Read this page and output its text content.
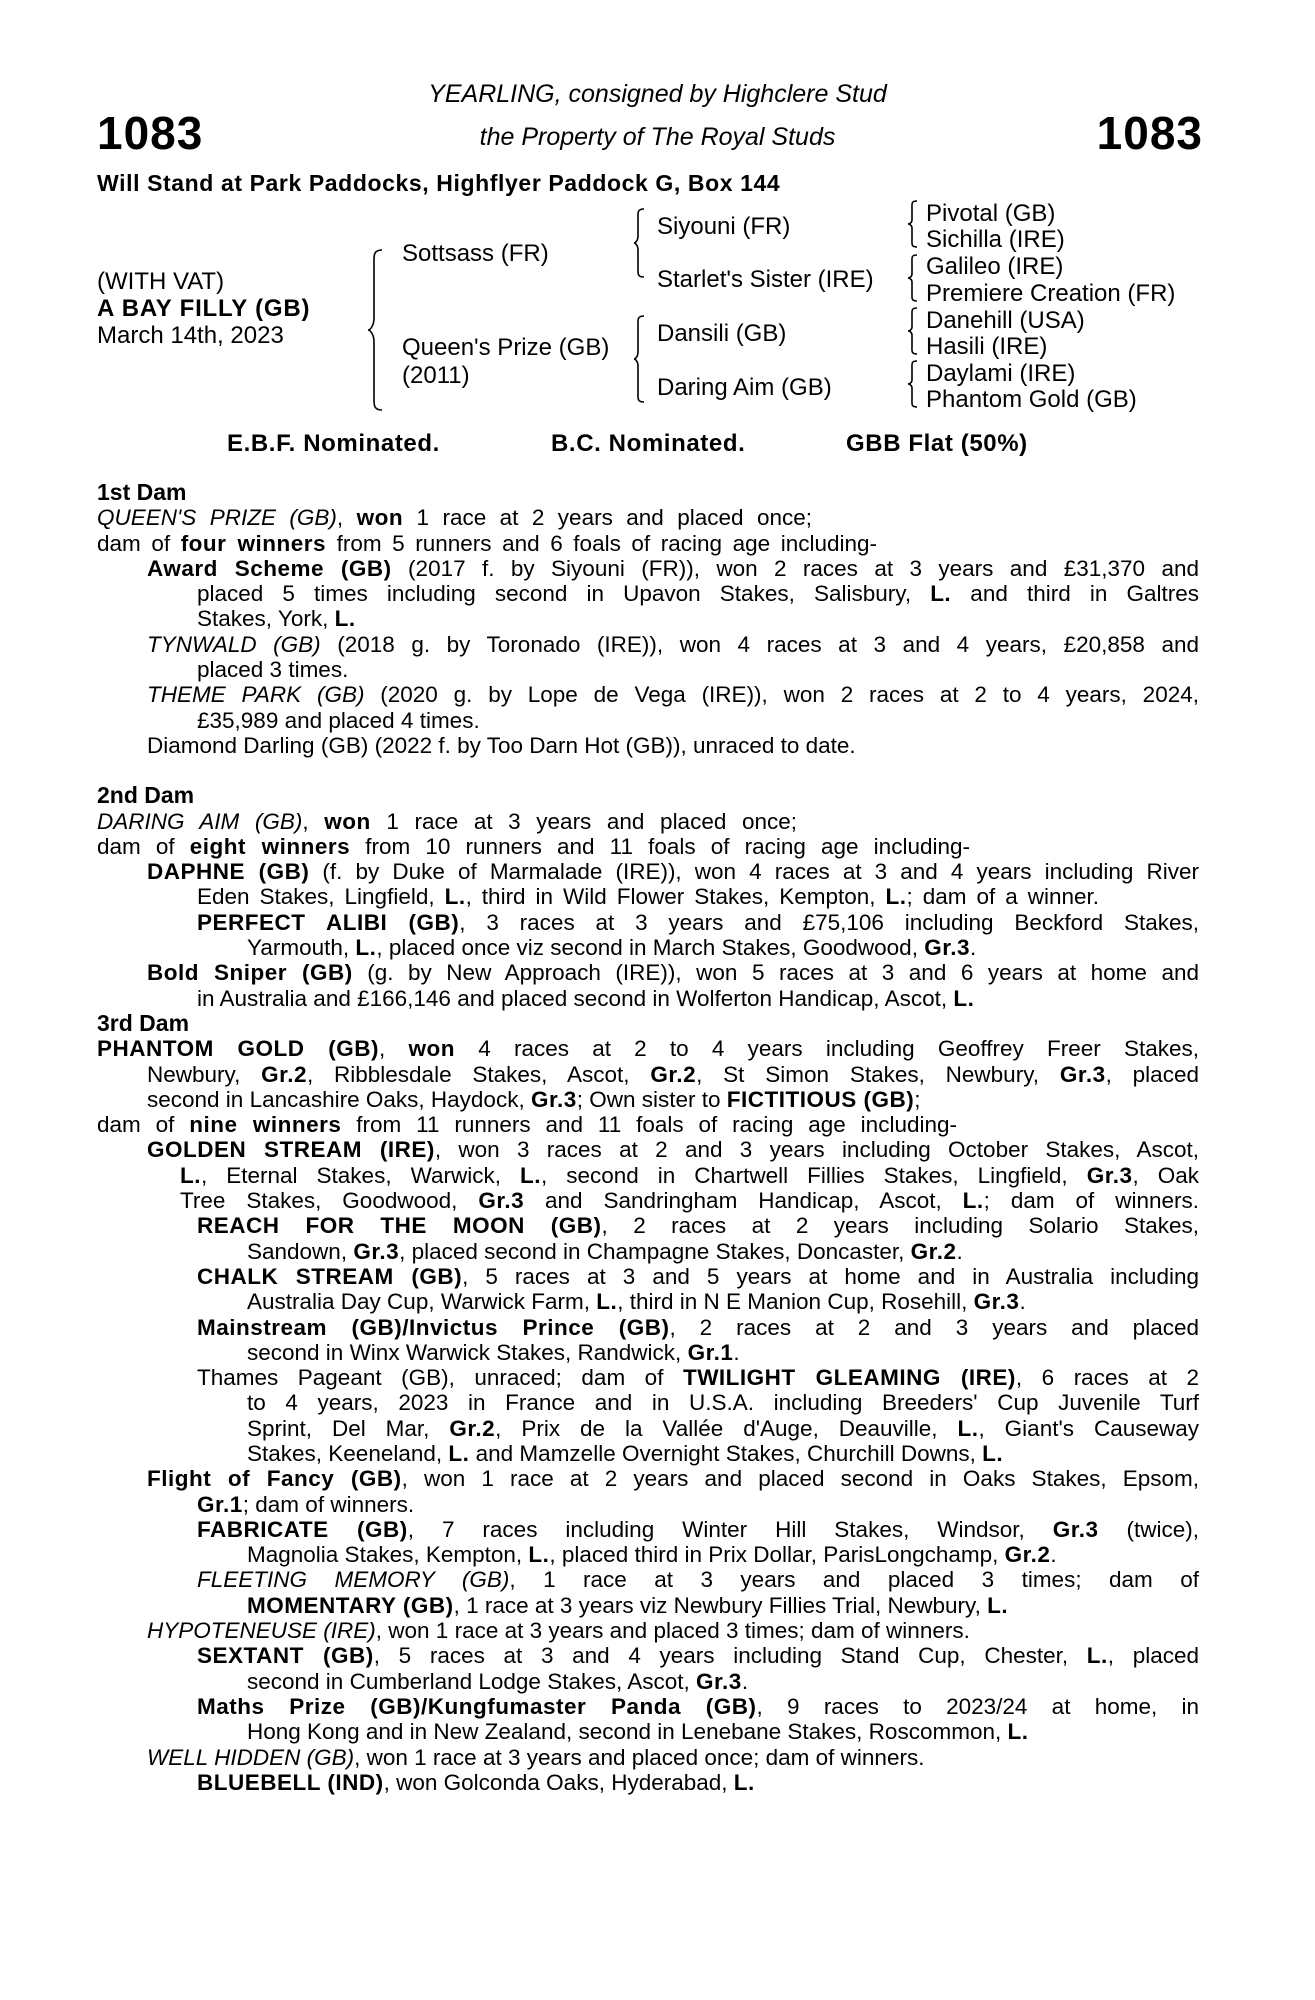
1083	1083
YEARLING, consigned by Highclere Stud
the Property of The Royal Studs
Will Stand at Park Paddocks, Highflyer Paddock G, Box 144
(WITH VAT)
A BAY FILLY (GB)
March 14th, 2023
Sottsass (FR)
Queen's Prize (GB)
(2011)
Siyouni (FR)
Starlet's Sister (IRE)
Dansili (GB)
Daring Aim (GB)
Pivotal (GB)
Sichilla (IRE)
Galileo (IRE)
Premiere Creation (FR)
Danehill (USA)
Hasili (IRE)
Daylami (IRE)
Phantom Gold (GB)
E.B.F. Nominated.	B.C. Nominated.	GBB Flat (50%)
1st Dam
QUEEN'S PRIZE (GB), won 1 race at 2 years and placed once;
dam of four winners from 5 runners and 6 foals of racing age including-
Award Scheme (GB) (2017 f. by Siyouni (FR)), won 2 races at 3 years and £31,370 and
placed 5 times including second in Upavon Stakes, Salisbury, L. and third in Galtres
Stakes, York, L.
TYNWALD (GB) (2018 g. by Toronado (IRE)), won 4 races at 3 and 4 years, £20,858 and
placed 3 times.
THEME PARK (GB) (2020 g. by Lope de Vega (IRE)), won 2 races at 2 to 4 years, 2024,
£35,989 and placed 4 times.
Diamond Darling (GB) (2022 f. by Too Darn Hot (GB)), unraced to date.
2nd Dam
DARING AIM (GB), won 1 race at 3 years and placed once;
dam of eight winners from 10 runners and 11 foals of racing age including-
DAPHNE (GB) (f. by Duke of Marmalade (IRE)), won 4 races at 3 and 4 years including River
Eden Stakes, Lingfield, L., third in Wild Flower Stakes, Kempton, L.; dam of a winner.
PERFECT ALIBI (GB), 3 races at 3 years and £75,106 including Beckford Stakes,
Yarmouth, L., placed once viz second in March Stakes, Goodwood, Gr.3.
Bold Sniper (GB) (g. by New Approach (IRE)), won 5 races at 3 and 6 years at home and
in Australia and £166,146 and placed second in Wolferton Handicap, Ascot, L.
3rd Dam
PHANTOM GOLD (GB), won 4 races at 2 to 4 years including Geoffrey Freer Stakes,
Newbury, Gr.2, Ribblesdale Stakes, Ascot, Gr.2, St Simon Stakes, Newbury, Gr.3, placed
second in Lancashire Oaks, Haydock, Gr.3; Own sister to FICTITIOUS (GB);
dam of nine winners from 11 runners and 11 foals of racing age including-
GOLDEN STREAM (IRE), won 3 races at 2 and 3 years including October Stakes, Ascot,
L., Eternal Stakes, Warwick, L., second in Chartwell Fillies Stakes, Lingfield, Gr.3, Oak
Tree Stakes, Goodwood, Gr.3 and Sandringham Handicap, Ascot, L.; dam of winners.
REACH FOR THE MOON (GB), 2 races at 2 years including Solario Stakes,
Sandown, Gr.3, placed second in Champagne Stakes, Doncaster, Gr.2.
CHALK STREAM (GB), 5 races at 3 and 5 years at home and in Australia including
Australia Day Cup, Warwick Farm, L., third in N E Manion Cup, Rosehill, Gr.3.
Mainstream (GB)/Invictus Prince (GB), 2 races at 2 and 3 years and placed
second in Winx Warwick Stakes, Randwick, Gr.1.
Thames Pageant (GB), unraced; dam of TWILIGHT GLEAMING (IRE), 6 races at 2
to 4 years, 2023 in France and in U.S.A. including Breeders' Cup Juvenile Turf
Sprint, Del Mar, Gr.2, Prix de la Vallée d'Auge, Deauville, L., Giant's Causeway
Stakes, Keeneland, L. and Mamzelle Overnight Stakes, Churchill Downs, L.
Flight of Fancy (GB), won 1 race at 2 years and placed second in Oaks Stakes, Epsom,
Gr.1; dam of winners.
FABRICATE (GB), 7 races including Winter Hill Stakes, Windsor, Gr.3 (twice),
Magnolia Stakes, Kempton, L., placed third in Prix Dollar, ParisLongchamp, Gr.2.
FLEETING MEMORY (GB), 1 race at 3 years and placed 3 times; dam of
MOMENTARY (GB), 1 race at 3 years viz Newbury Fillies Trial, Newbury, L.
HYPOTENEUSE (IRE), won 1 race at 3 years and placed 3 times; dam of winners.
SEXTANT (GB), 5 races at 3 and 4 years including Stand Cup, Chester, L., placed
second in Cumberland Lodge Stakes, Ascot, Gr.3.
Maths Prize (GB)/Kungfumaster Panda (GB), 9 races to 2023/24 at home, in
Hong Kong and in New Zealand, second in Lenebane Stakes, Roscommon, L.
WELL HIDDEN (GB), won 1 race at 3 years and placed once; dam of winners.
BLUEBELL (IND), won Golconda Oaks, Hyderabad, L.
